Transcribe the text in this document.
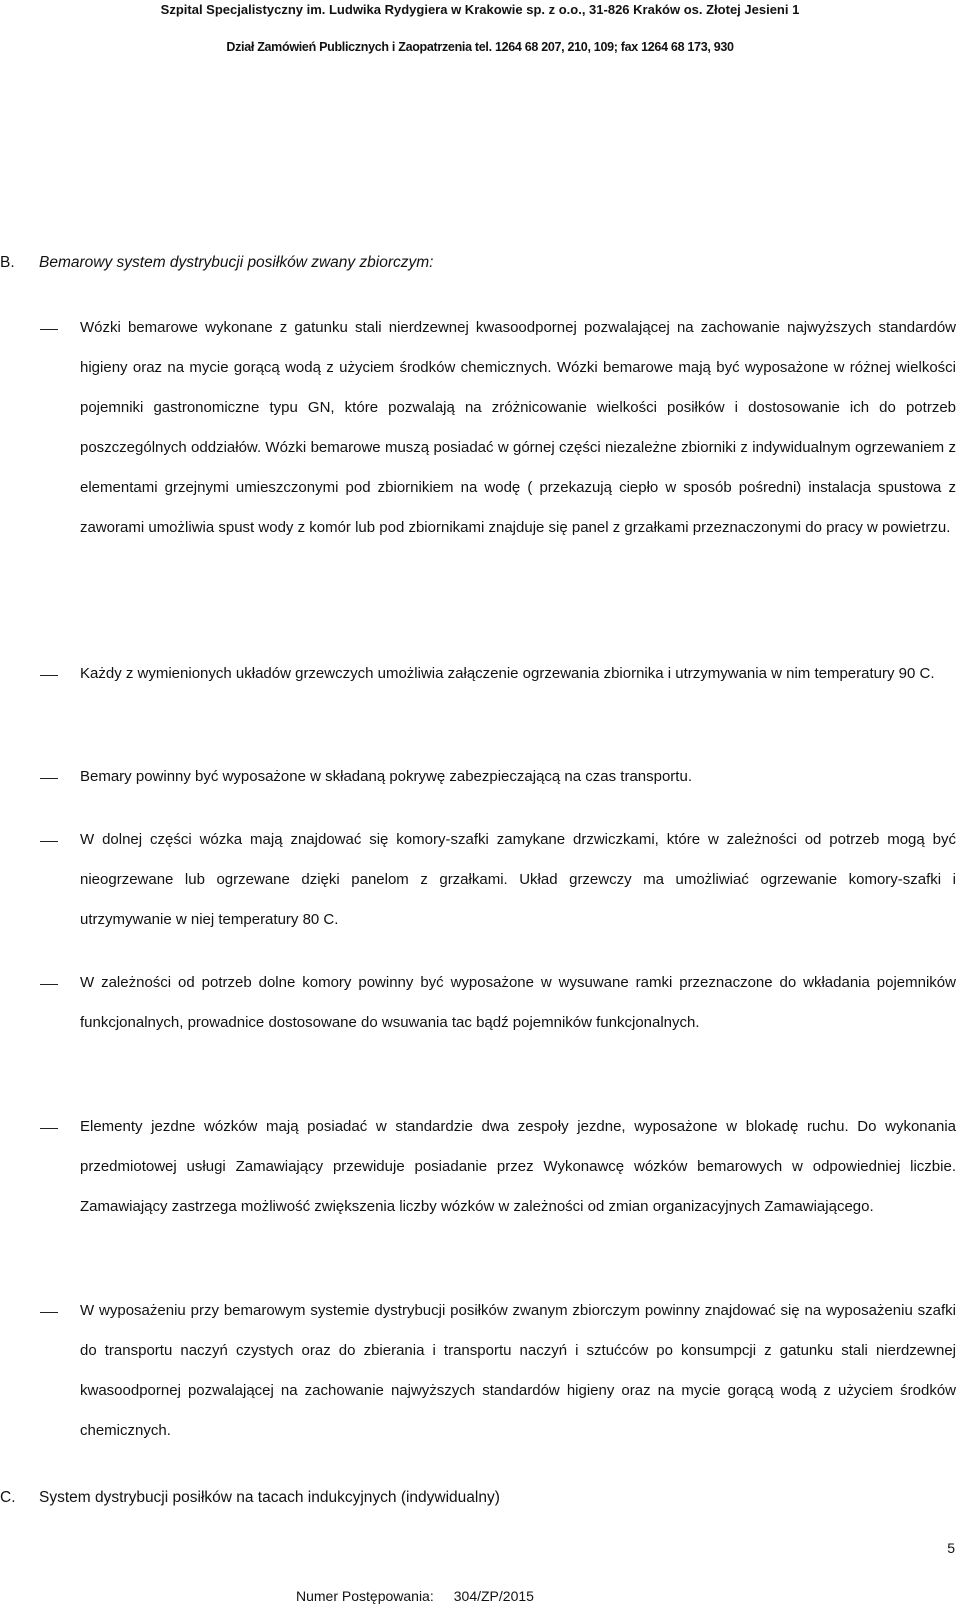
Szpital Specjalistyczny im. Ludwika Rydygiera w Krakowie sp. z o.o., 31-826 Kraków os. Złotej Jesieni 1
Dział Zamówień Publicznych i Zaopatrzenia tel. 1264 68 207, 210, 109; fax 1264 68 173, 930
B. Bemarowy system dystrybucji posiłków zwany zbiorczym:
Wózki bemarowe wykonane z gatunku stali nierdzewnej kwasoodpornej pozwalającej na zachowanie najwyższych standardów higieny oraz na mycie gorącą wodą z użyciem środków chemicznych. Wózki bemarowe mają być wyposażone w różnej wielkości pojemniki gastronomiczne typu GN, które pozwalają na zróżnicowanie wielkości posiłków i dostosowanie ich do potrzeb poszczególnych oddziałów. Wózki bemarowe muszą posiadać w górnej części niezależne zbiorniki z indywidualnym ogrzewaniem z elementami grzejnymi umieszczonymi pod zbiornikiem na wodę ( przekazują ciepło w sposób pośredni) instalacja spustowa z zaworami umożliwia spust wody z komór lub pod zbiornikami znajduje się panel z grzałkami przeznaczonymi do pracy w powietrzu.
Każdy z wymienionych układów grzewczych umożliwia załączenie ogrzewania zbiornika i utrzymywania w nim temperatury 90 C.
Bemary powinny być wyposażone w składaną pokrywę zabezpieczającą na czas transportu.
W dolnej części wózka mają znajdować się komory-szafki zamykane drzwiczkami, które w zależności od potrzeb mogą być nieogrzewane lub ogrzewane dzięki panelom z grzałkami. Układ grzewczy ma umożliwiać ogrzewanie komory-szafki i utrzymywanie w niej temperatury 80 C.
W zależności od potrzeb dolne komory powinny być wyposażone w wysuwane ramki przeznaczone do wkładania pojemników funkcjonalnych, prowadnice dostosowane do wsuwania tac bądź pojemników funkcjonalnych.
Elementy jezdne wózków mają posiadać w standardzie dwa zespoły jezdne, wyposażone w blokadę ruchu. Do wykonania przedmiotowej usługi Zamawiający przewiduje posiadanie przez Wykonawcę wózków bemarowych w odpowiedniej liczbie. Zamawiający zastrzega możliwość zwiększenia liczby wózków w zależności od zmian organizacyjnych Zamawiającego.
W wyposażeniu przy bemarowym systemie dystrybucji posiłków zwanym zbiorczym powinny znajdować się na wyposażeniu szafki do transportu naczyń czystych oraz do zbierania i transportu naczyń i sztućców po konsumpcji z gatunku stali nierdzewnej kwasoodpornej pozwalającej na zachowanie najwyższych standardów higieny oraz na mycie gorącą wodą z użyciem środków chemicznych.
C. System dystrybucji posiłków na tacach indukcyjnych (indywidualny)
5
Numer Postępowania: 304/ZP/2015
